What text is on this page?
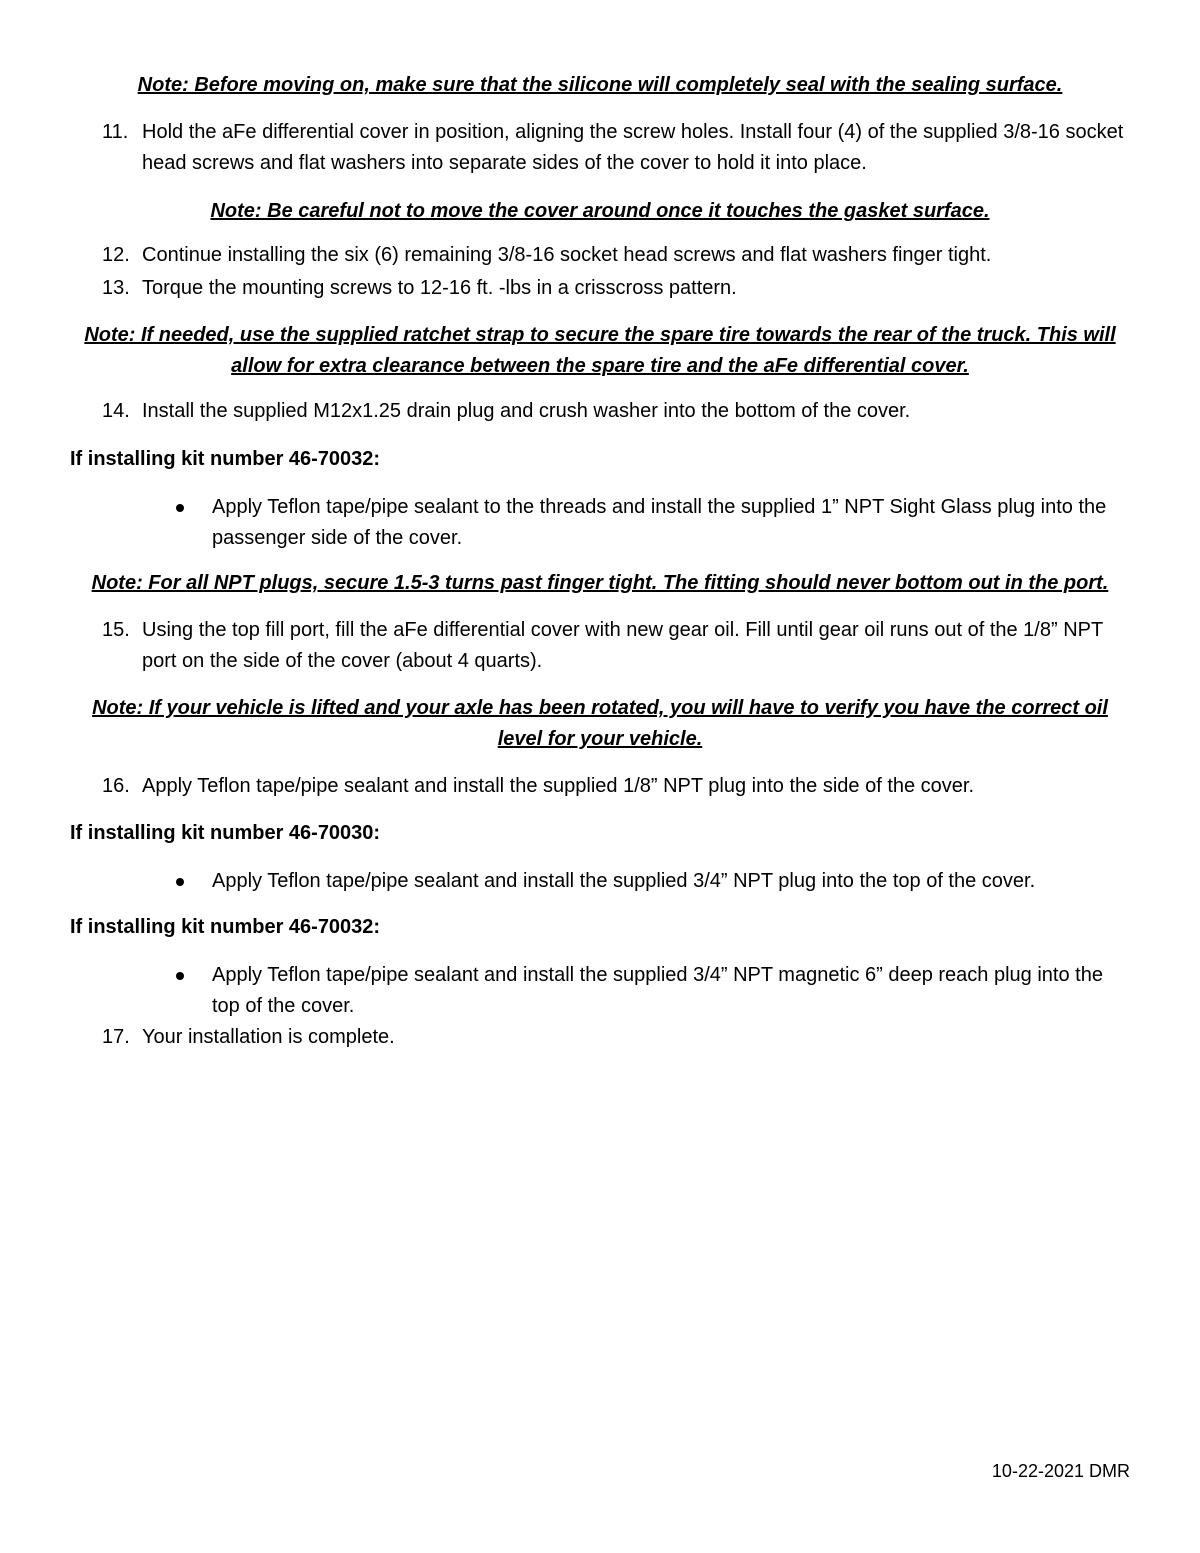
Note: Before moving on, make sure that the silicone will completely seal with the sealing surface.
11. Hold the aFe differential cover in position, aligning the screw holes. Install four (4) of the supplied 3/8-16 socket head screws and flat washers into separate sides of the cover to hold it into place.
Note: Be careful not to move the cover around once it touches the gasket surface.
12. Continue installing the six (6) remaining 3/8-16 socket head screws and flat washers finger tight.
13. Torque the mounting screws to 12-16 ft. -lbs in a crisscross pattern.
Note: If needed, use the supplied ratchet strap to secure the spare tire towards the rear of the truck. This will allow for extra clearance between the spare tire and the aFe differential cover.
14. Install the supplied M12x1.25 drain plug and crush washer into the bottom of the cover.
If installing kit number 46-70032:
Apply Teflon tape/pipe sealant to the threads and install the supplied 1” NPT Sight Glass plug into the passenger side of the cover.
Note: For all NPT plugs, secure 1.5-3 turns past finger tight. The fitting should never bottom out in the port.
15. Using the top fill port, fill the aFe differential cover with new gear oil. Fill until gear oil runs out of the 1/8” NPT port on the side of the cover (about 4 quarts).
Note: If your vehicle is lifted and your axle has been rotated, you will have to verify you have the correct oil level for your vehicle.
16. Apply Teflon tape/pipe sealant and install the supplied 1/8” NPT plug into the side of the cover.
If installing kit number 46-70030:
Apply Teflon tape/pipe sealant and install the supplied 3/4” NPT plug into the top of the cover.
If installing kit number 46-70032:
Apply Teflon tape/pipe sealant and install the supplied 3/4” NPT magnetic 6” deep reach plug into the top of the cover.
17. Your installation is complete.
10-22-2021 DMR
